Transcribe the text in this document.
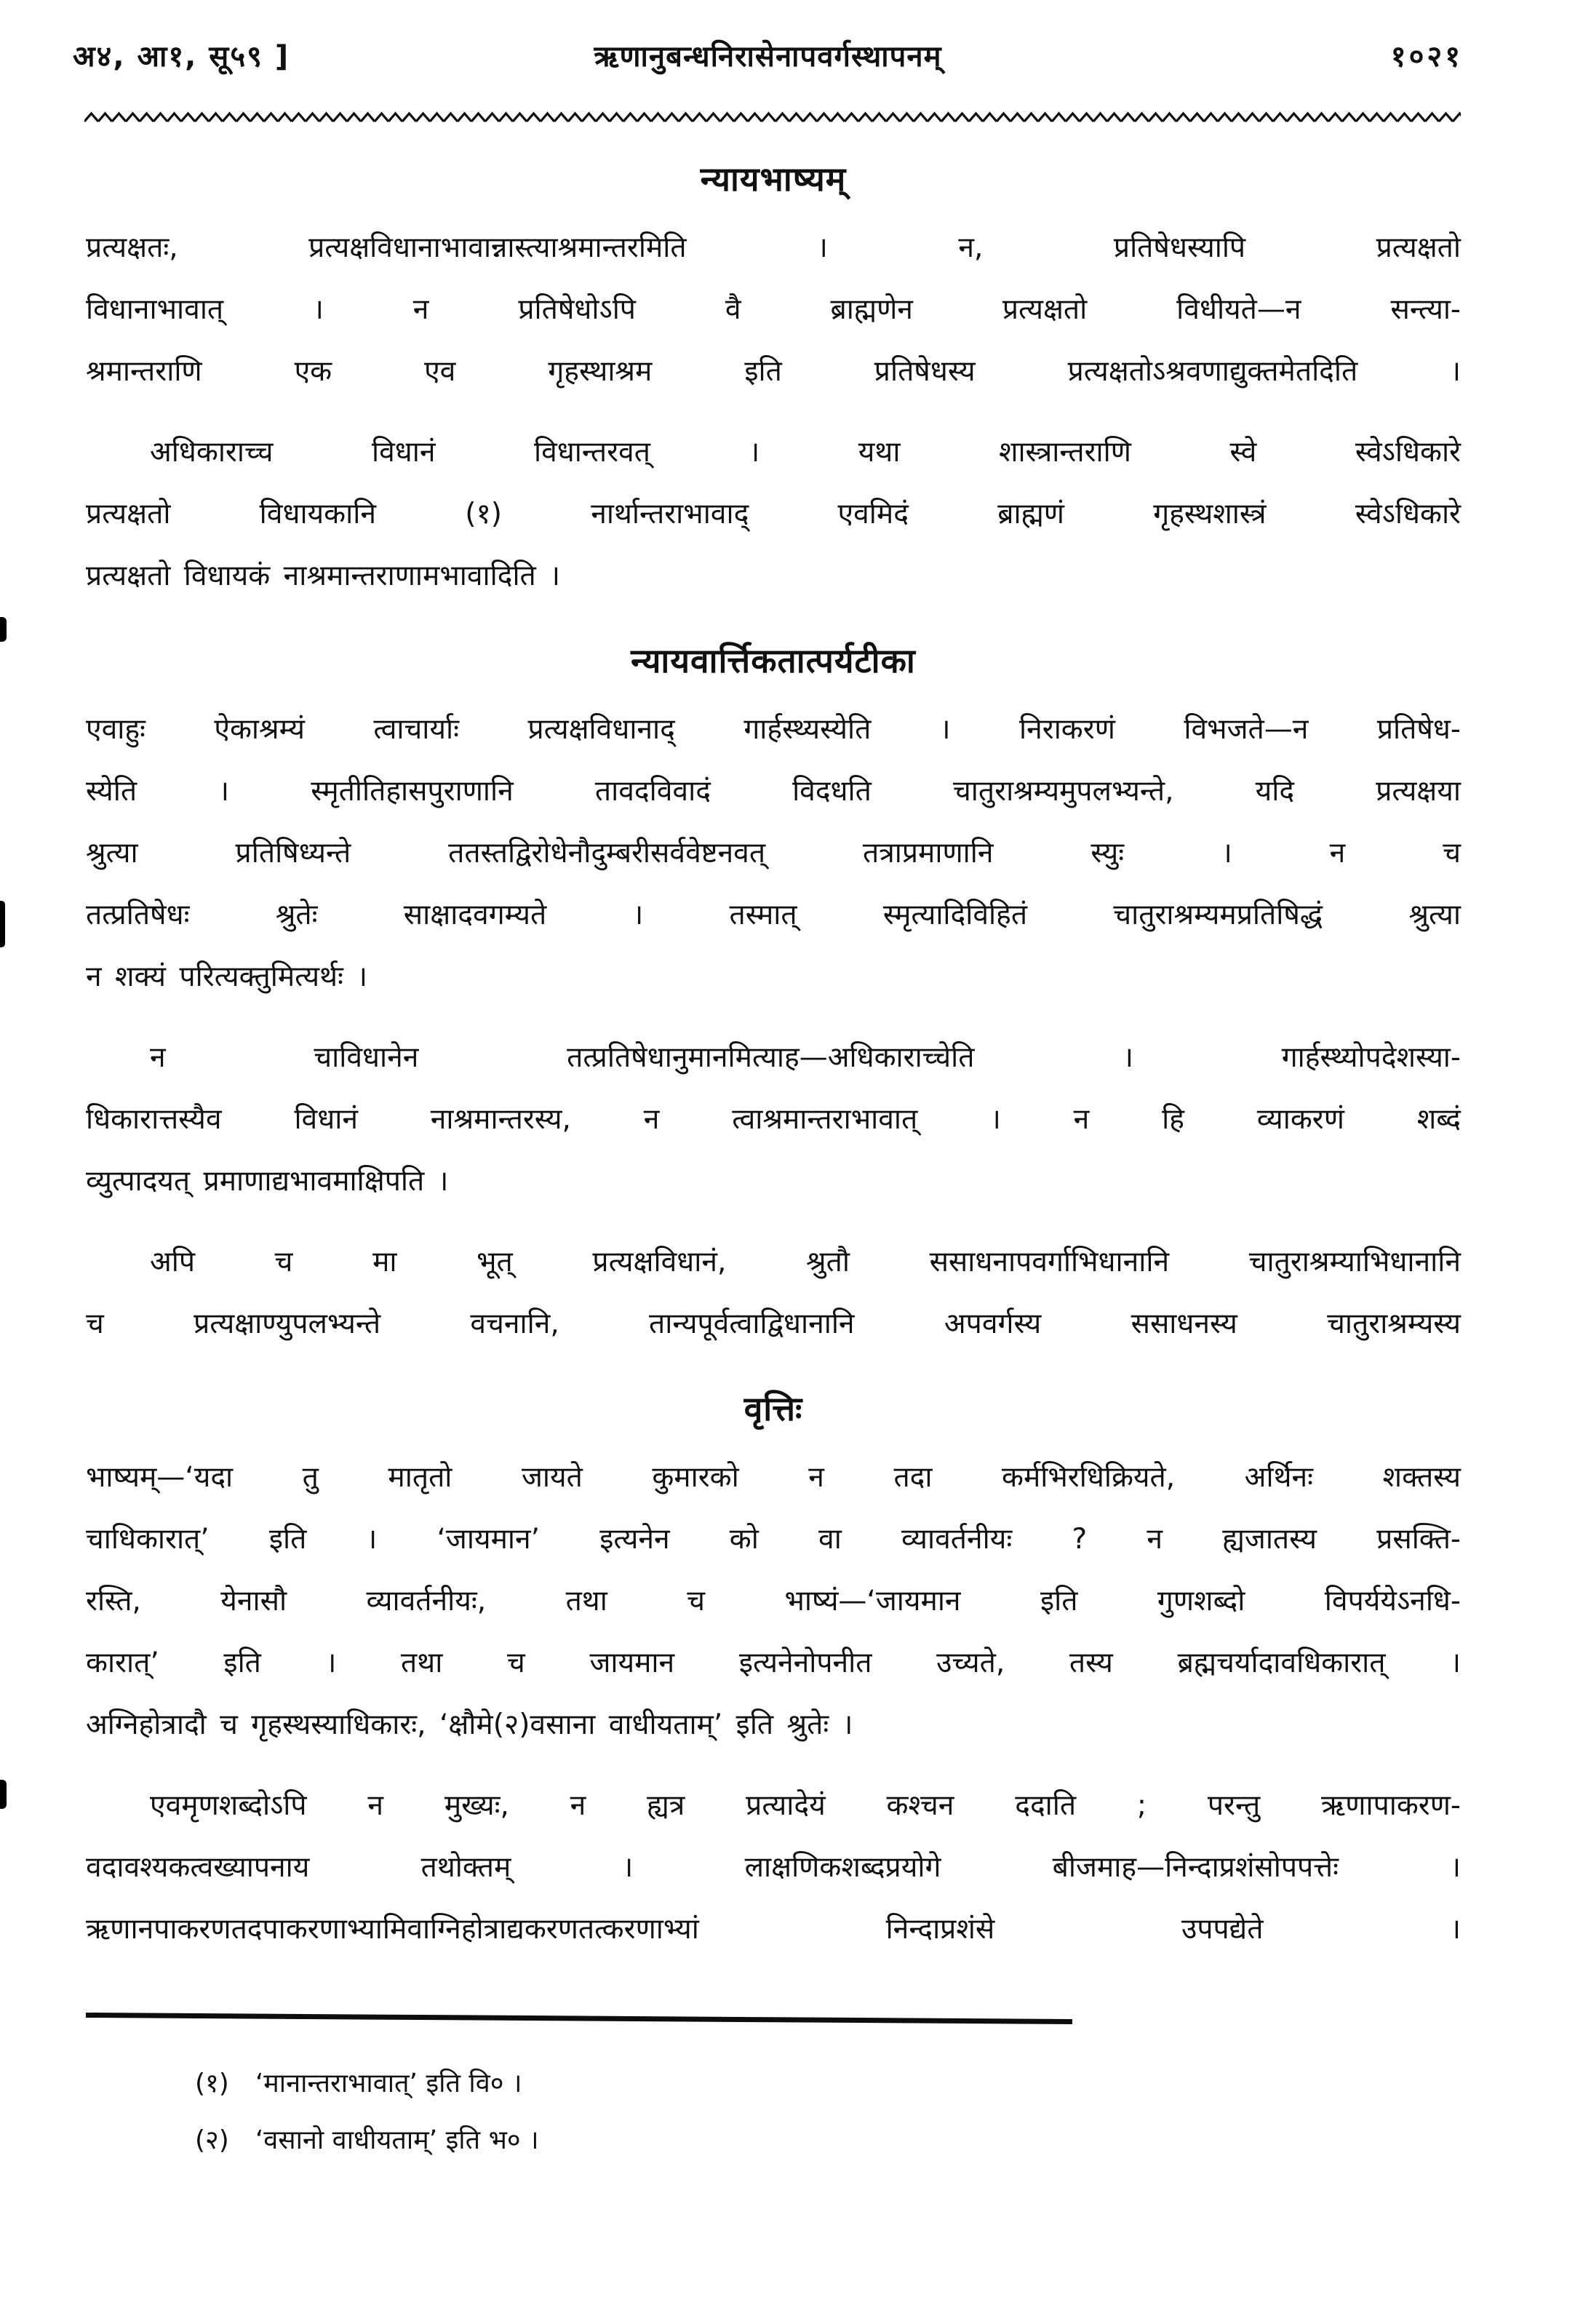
अ४, आ१, सू५९ ]	ऋणानुबन्धनिरासेनापवर्गस्थापनम्	१०२१
न्यायभाष्यम्
प्रत्यक्षतः, प्रत्यक्षविधानाभावान्नास्त्याश्रमान्तरमिति । न, प्रतिषेधस्यापि प्रत्यक्षतो
विधानाभावात् । न प्रतिषेधोऽपि वै ब्राह्मणेन प्रत्यक्षतो विधीयते—न सन्त्या-
श्रमान्तराणि एक एव गृहस्थाश्रम इति प्रतिषेधस्य प्रत्यक्षतोऽश्रवणाद्युक्तमेतदिति ।
अधिकाराच्च विधानं विधान्तरवत् । यथा शास्त्रान्तराणि स्वे स्वेऽधिकारे
प्रत्यक्षतो विधायकानि (१) नार्थान्तराभावाद् एवमिदं ब्राह्मणं गृहस्थशास्त्रं स्वेऽधिकारे
प्रत्यक्षतो विधायकं नाश्रमान्तराणामभावादिति ।
न्यायवार्त्तिकतात्पर्यटीका
एवाहुः ऐकाश्रम्यं त्वाचार्याः प्रत्यक्षविधानाद् गार्हस्थ्यस्येति । निराकरणं विभजते—न प्रतिषेध-
स्येति । स्मृतीतिहासपुराणानि तावदविवादं विदधति चातुराश्रम्यमुपलभ्यन्ते, यदि प्रत्यक्षया
श्रुत्या प्रतिषिध्यन्ते ततस्तद्विरोधेनौदुम्बरीसर्ववेष्टनवत् तत्राप्रमाणानि स्युः । न च
तत्प्रतिषेधः श्रुतेः साक्षादवगम्यते । तस्मात् स्मृत्यादिविहितं चातुराश्रम्यमप्रतिषिद्धं श्रुत्या
न शक्यं परित्यक्तुमित्यर्थः ।
न चाविधानेन तत्प्रतिषेधानुमानमित्याह—अधिकाराच्चेति । गार्हस्थ्योपदेशस्या-
धिकारात्तस्यैव विधानं नाश्रमान्तरस्य, न त्वाश्रमान्तराभावात् । न हि व्याकरणं शब्दं
व्युत्पादयत् प्रमाणाद्यभावमाक्षिपति ।
अपि च मा भूत् प्रत्यक्षविधानं, श्रुतौ ससाधनापवर्गाभिधानानि चातुराश्रम्याभिधानानि
च प्रत्यक्षाण्युपलभ्यन्ते वचनानि, तान्यपूर्वत्वाद्विधानानि अपवर्गस्य ससाधनस्य चातुराश्रम्यस्य
वृत्तिः
भाष्यम्—‘यदा तु मातृतो जायते कुमारको न तदा कर्मभिरधिक्रियते, अर्थिनः शक्तस्य
चाधिकारात्’ इति । ‘जायमान’ इत्यनेन को वा व्यावर्तनीयः ? न ह्यजातस्य प्रसक्ति-
रस्ति, येनासौ व्यावर्तनीयः, तथा च भाष्यं—‘जायमान इति गुणशब्दो विपर्ययेऽनधि-
कारात्’ इति । तथा च जायमान इत्यनेनोपनीत उच्यते, तस्य ब्रह्मचर्यादावधिकारात् ।
अग्निहोत्रादौ च गृहस्थस्याधिकारः, ‘क्षौमे(२)वसाना वाधीयताम्’ इति श्रुतेः ।
एवमृणशब्दोऽपि न मुख्यः, न ह्यत्र प्रत्यादेयं कश्चन ददाति ; परन्तु ऋणापाकरण-
वदावश्यकत्वख्यापनाय तथोक्तम् । लाक्षणिकशब्दप्रयोगे बीजमाह—निन्दाप्रशंसोपपत्तेः ।
ऋणानपाकरणतदपाकरणाभ्यामिवाग्निहोत्राद्यकरणतत्करणाभ्यां निन्दाप्रशंसे उपपद्येते ।
(१) ‘मानान्तराभावात्’ इति वि० ।
(२) ‘वसानो वाधीयताम्’ इति भ० ।
